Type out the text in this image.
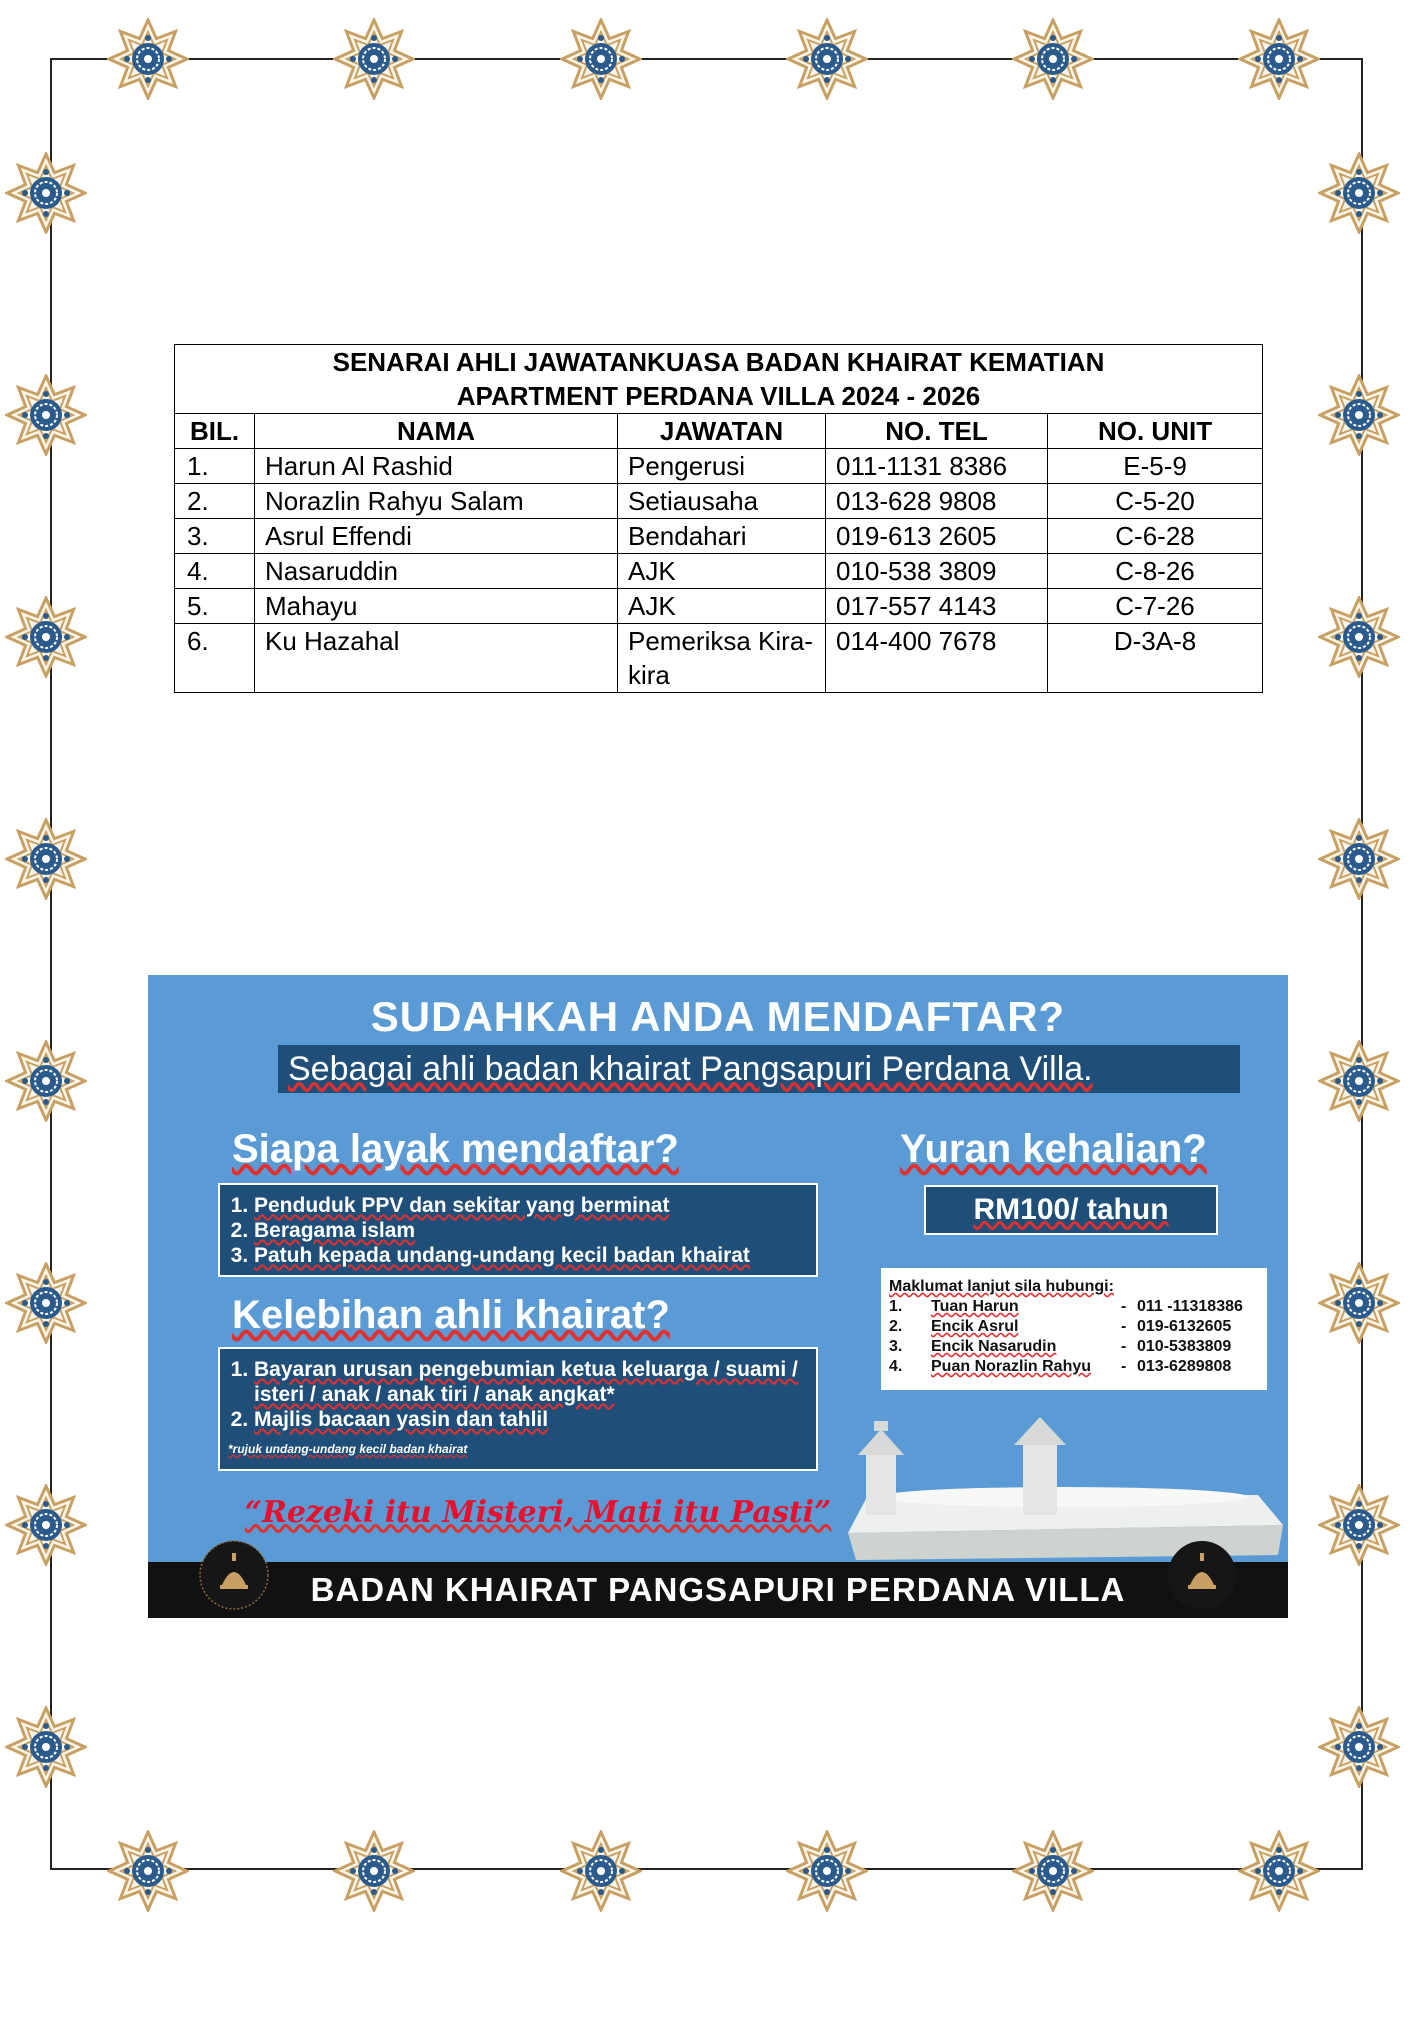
SENARAI AHLI JAWATANKUASA BADAN KHAIRAT KEMATIAN
APARTMENT PERDANA VILLA 2024 - 2026				

BIL.	NAMA	JAWATAN	NO. TEL	NO. UNIT
1.	Harun Al Rashid	Pengerusi	011-1131 8386	E-5-9
2.	Norazlin Rahyu Salam	Setiausaha	013-628 9808	C-5-20
3.	Asrul Effendi	Bendahari	019-613 2605	C-6-28
4.	Nasaruddin	AJK	010-538 3809	C-8-26
5.	Mahayu	AJK	017-557 4143	C-7-26
6.	Ku Hazahal	Pemeriksa Kira-kira	014-400 7678	D-3A-8
SUDAHKAH ANDA MENDAFTAR?
Sebagai ahli badan khairat Pangsapuri Perdana Villa.
Siapa layak mendaftar?
1. Penduduk PPV dan sekitar yang berminat
2. Beragama islam
3. Patuh kepada undang-undang kecil badan khairat
Yuran kehalian?
RM100/ tahun
Kelebihan ahli khairat?
1. Bayaran urusan pengebumian ketua keluarga / suami / isteri / anak / anak tiri / anak angkat*
2. Majlis bacaan yasin dan tahlil
*rujuk undang-undang kecil badan khairat
Maklumat lanjut sila hubungi:
1.	Tuan Harun	- 011 -11318386
2.	Encik Asrul	- 019-6132605
3.	Encik Nasarudin	- 010-5383809
4.	Puan Norazlin Rahyu	- 013-6289808
“Rezeki itu Misteri, Mati itu Pasti”
BADAN KHAIRAT PANGSAPURI PERDANA VILLA
